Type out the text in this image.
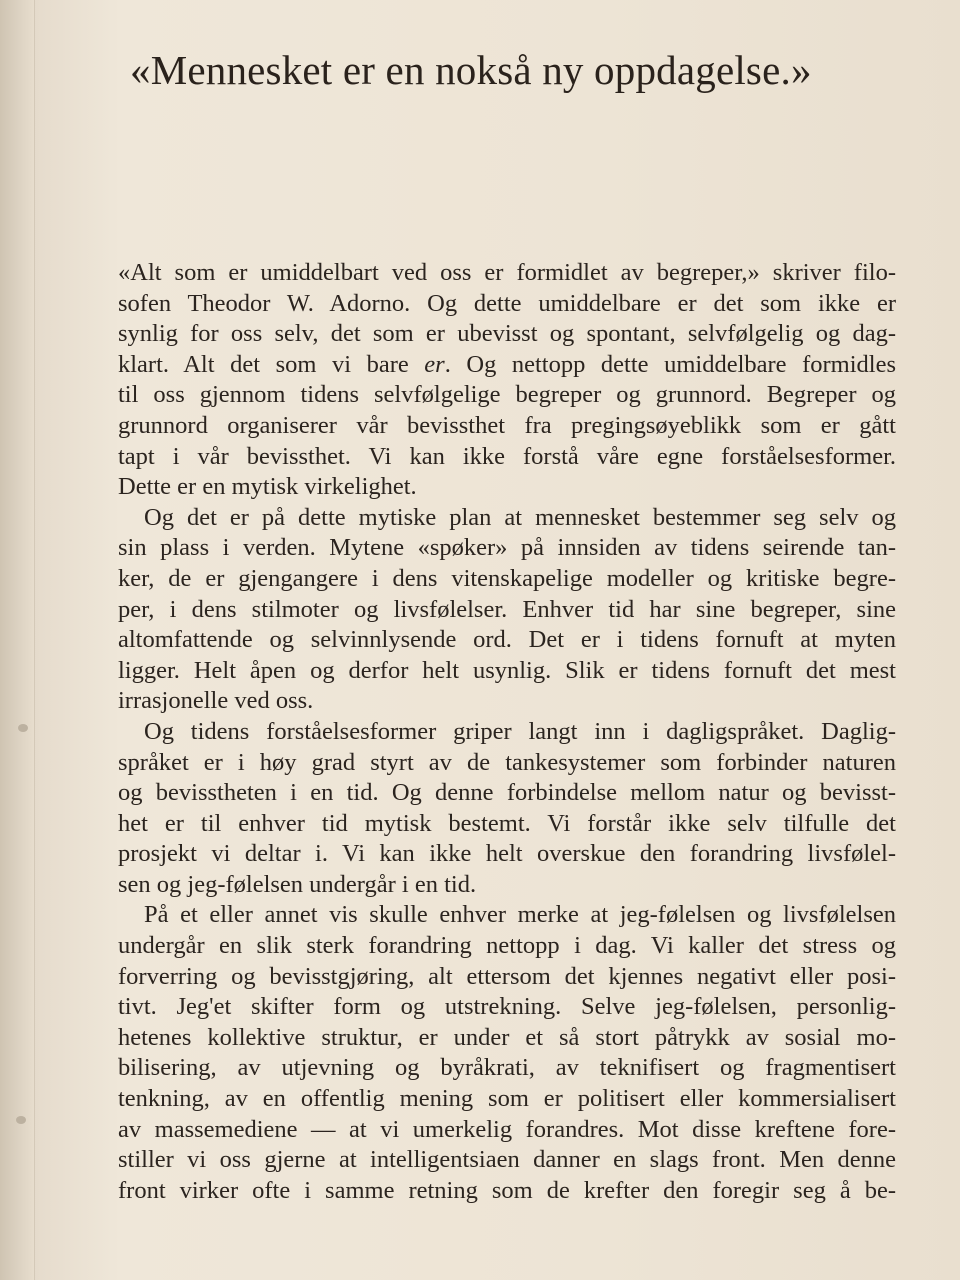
«Mennesket er en nokså ny oppdagelse.»

«Alt som er umiddelbart ved oss er formidlet av begreper,» skriver filo-
sofen Theodor W. Adorno. Og dette umiddelbare er det som ikke er
synlig for oss selv, det som er ubevisst og spontant, selvfølgelig og dag-
klart. Alt det som vi bare er. Og nettopp dette umiddelbare formidles
til oss gjennom tidens selvfølgelige begreper og grunnord. Begreper og
grunnord organiserer vår bevissthet fra pregingsøyeblikk som er gått
tapt i vår bevissthet. Vi kan ikke forstå våre egne forståelsesformer.
Dette er en mytisk virkelighet.

Og det er på dette mytiske plan at mennesket bestemmer seg selv og
sin plass i verden. Mytene «spøker» på innsiden av tidens seirende tan-
ker, de er gjengangere i dens vitenskapelige modeller og kritiske begre-
per, i dens stilmoter og livsfølelser. Enhver tid har sine begreper, sine
altomfattende og selvinnlysende ord. Det er i tidens fornuft at myten
ligger. Helt åpen og derfor helt usynlig. Slik er tidens fornuft det mest
irrasjonelle ved oss.

Og tidens forståelsesformer griper langt inn i dagligspråket. Daglig-
språket er i høy grad styrt av de tankesystemer som forbinder naturen
og bevisstheten i en tid. Og denne forbindelse mellom natur og bevisst-
het er til enhver tid mytisk bestemt. Vi forstår ikke selv tilfulle det
prosjekt vi deltar i. Vi kan ikke helt overskue den forandring livsfølel-
sen og jeg-følelsen undergår i en tid.

På et eller annet vis skulle enhver merke at jeg-følelsen og livsfølelsen
undergår en slik sterk forandring nettopp i dag. Vi kaller det stress og
forverring og bevisstgjøring, alt ettersom det kjennes negativt eller posi-
tivt. Jeg'et skifter form og utstrekning. Selve jeg-følelsen, personlig-
hetenes kollektive struktur, er under et så stort påtrykk av sosial mo-
bilisering, av utjevning og byråkrati, av teknifisert og fragmentisert
tenkning, av en offentlig mening som er politisert eller kommersialisert
av massemediene — at vi umerkelig forandres. Mot disse kreftene fore-
stiller vi oss gjerne at intelligentsiaen danner en slags front. Men denne
front virker ofte i samme retning som de krefter den foregir seg å be-
